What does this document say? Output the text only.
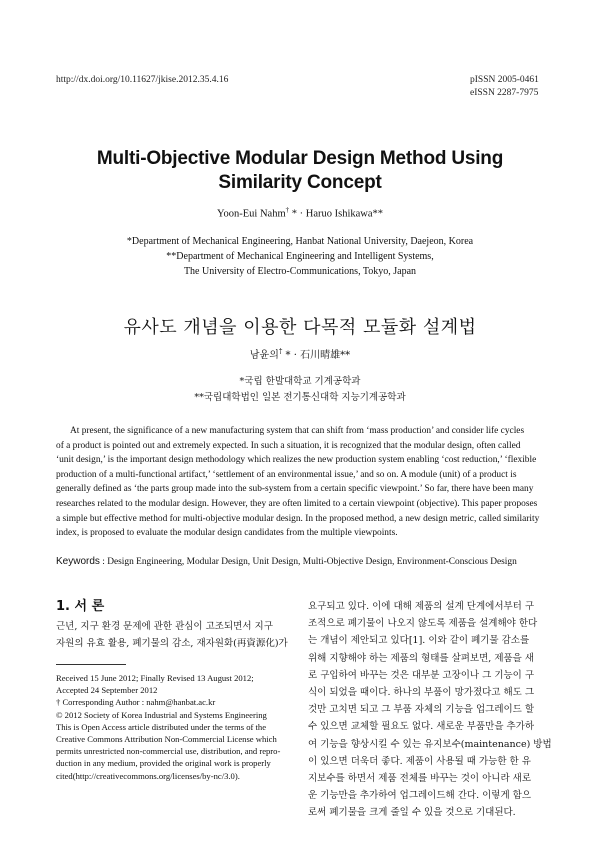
http://dx.doi.org/10.11627/jkise.2012.35.4.16	pISSN 2005-0461
eISSN 2287-7975
Multi-Objective Modular Design Method Using
Similarity Concept
Yoon-Eui Nahm† * · Haruo Ishikawa**
*Department of Mechanical Engineering, Hanbat National University, Daejeon, Korea
**Department of Mechanical Engineering and Intelligent Systems,
The University of Electro-Communications, Tokyo, Japan
유사도 개념을 이용한 다목적 모듈화 설계법
남윤의† * · 石川晴雄**
*국립 한발대학교 기계공학과
**국립대학법인 일본 전기통신대학 지능기계공학과
At present, the significance of a new manufacturing system that can shift from ‘mass production’ and consider life cycles
of a product is pointed out and extremely expected. In such a situation, it is recognized that the modular design, often called
‘unit design,’ is the important design methodology which realizes the new production system enabling ‘cost reduction,’ ‘flexible
production of a multi-functional artifact,’ ‘settlement of an environmental issue,’ and so on. A module (unit) of a product is
generally defined as ‘the parts group made into the sub-system from a certain specific viewpoint.’ So far, there have been many
researches related to the modular design. However, they are often limited to a certain viewpoint (objective). This paper proposes
a simple but effective method for multi-objective modular design. In the proposed method, a new design metric, called similarity
index, is proposed to evaluate the modular design candidates from the multiple viewpoints.
Keywords : Design Engineering, Modular Design, Unit Design, Multi-Objective Design, Environment-Conscious Design
1. 서 론
근년, 지구 환경 문제에 관한 관심이 고조되면서 지구
자원의 유효 활용, 폐기물의 감소, 재자원화(再資源化)가
Received 15 June 2012; Finally Revised 13 August 2012;
Accepted 24 September 2012
† Corresponding Author : nahm@hanbat.ac.kr
© 2012 Society of Korea Industrial and Systems Engineering
This is Open Access article distributed under the terms of the
Creative Commons Attribution Non-Commercial License which
permits unrestricted non-commercial use, distribution, and repro-
duction in any medium, provided the original work is properly
cited(http://creativecommons.org/licenses/by-nc/3.0).
요구되고 있다. 이에 대해 제품의 설계 단계에서부터 구
조적으로 폐기물이 나오지 않도록 제품을 설계해야 한다
는 개념이 제안되고 있다[1]. 이와 같이 폐기물 감소를
위해 지향해야 하는 제품의 형태를 살펴보면, 제품을 새
로 구입하여 바꾸는 것은 대부분 고장이나 그 기능이 구
식이 되었을 때이다. 하나의 부품이 망가졌다고 해도 그
것만 고치면 되고 그 부품 자체의 기능을 업그레이드 할
수 있으면 교체할 필요도 없다. 새로운 부품만을 추가하
여 기능을 향상시킬 수 있는 유지보수(maintenance) 방법
이 있으면 더욱더 좋다. 제품이 사용될 때 가능한 한 유
지보수를 하면서 제품 전체를 바꾸는 것이 아니라 새로
운 기능만을 추가하여 업그레이드해 간다. 이렇게 함으
로써 폐기물을 크게 줄일 수 있을 것으로 기대된다.
